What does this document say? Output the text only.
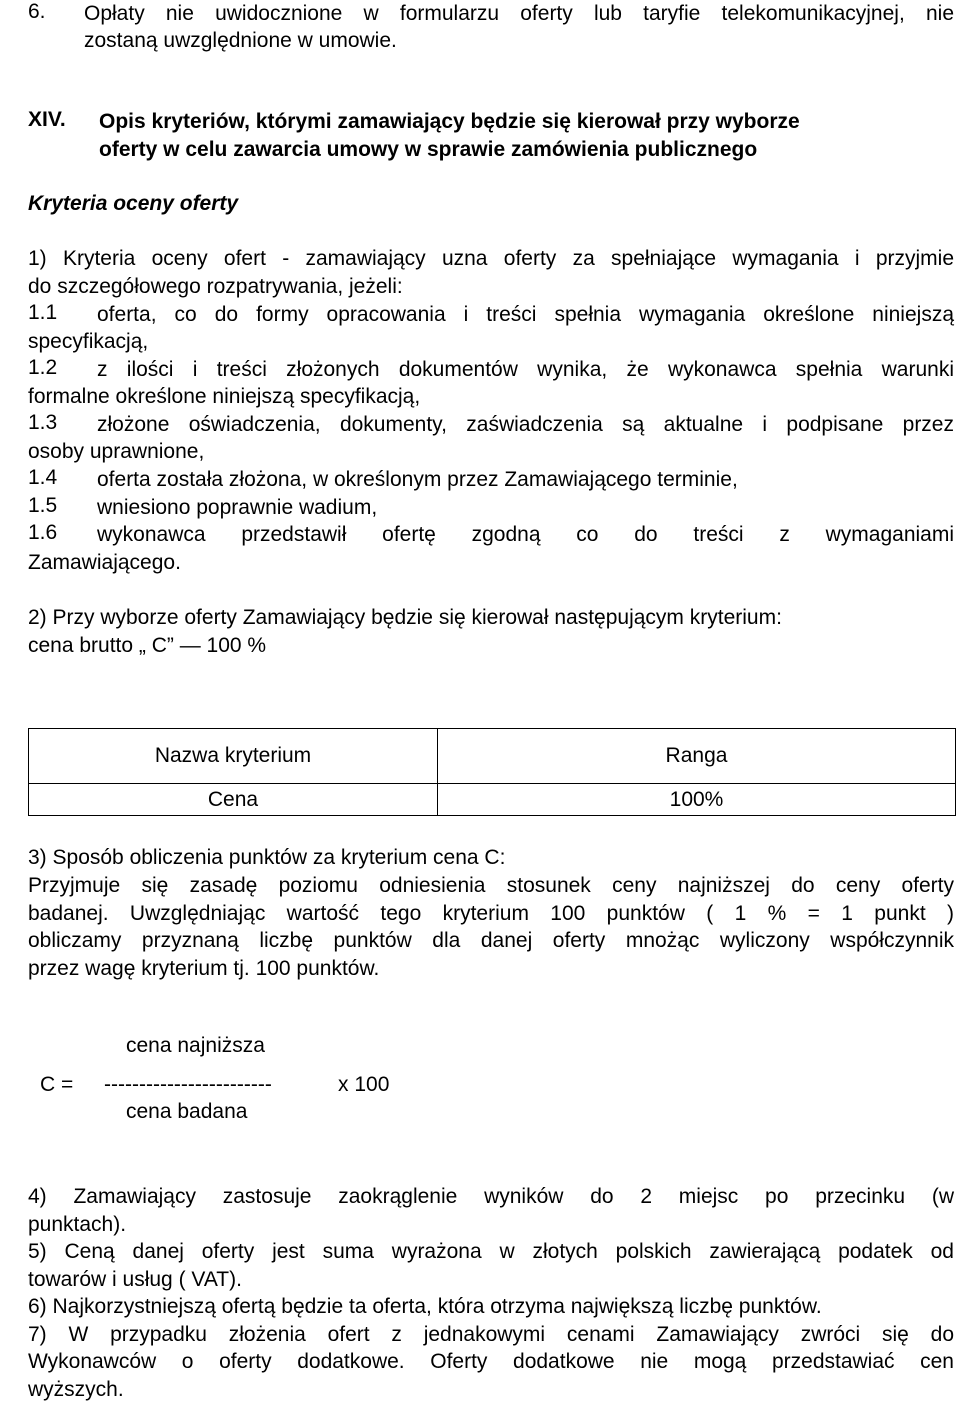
6. Opłaty nie uwidocznione w formularzu oferty lub taryfie telekomunikacyjnej, nie
zostaną uwzględnione w umowie.
XIV. Opis kryteriów, którymi zamawiający będzie się kierował przy wyborze
oferty w celu zawarcia umowy w sprawie zamówienia publicznego
Kryteria oceny oferty
1) Kryteria oceny ofert - zamawiający uzna oferty za spełniające wymagania i przyjmie
do szczegółowego rozpatrywania, jeżeli:
1.1 oferta, co do formy opracowania i treści spełnia wymagania określone niniejszą
specyfikacją,
1.2 z ilości i treści złożonych dokumentów wynika, że wykonawca spełnia warunki
formalne określone niniejszą specyfikacją,
1.3 złożone oświadczenia, dokumenty, zaświadczenia są aktualne i podpisane przez
osoby uprawnione,
1.4 oferta została złożona, w określonym przez Zamawiającego terminie,
1.5 wniesiono poprawnie wadium,
1.6 wykonawca przedstawił ofertę zgodną co do treści z wymaganiami
Zamawiającego.
2) Przy wyborze oferty Zamawiający będzie się kierował następującym kryterium:
cena brutto „ C” — 100 %
Nazwa kryterium	Ranga
Cena	100%
3) Sposób obliczenia punktów za kryterium cena C:
Przyjmuje się zasadę poziomu odniesienia stosunek ceny najniższej do ceny oferty
badanej. Uwzględniając wartość tego kryterium 100 punktów ( 1 % = 1 punkt )
obliczamy przyznaną liczbę punktów dla danej oferty mnożąc wyliczony współczynnik
przez wagę kryterium tj. 100 punktów.
cena najniższa
C = ------------------------	x 100
cena badana
4) Zamawiający zastosuje zaokrąglenie wyników do 2 miejsc po przecinku (w
punktach).
5) Ceną danej oferty jest suma wyrażona w złotych polskich zawierającą podatek od
towarów i usług ( VAT).
6) Najkorzystniejszą ofertą będzie ta oferta, która otrzyma największą liczbę punktów.
7) W przypadku złożenia ofert z jednakowymi cenami Zamawiający zwróci się do
Wykonawców o oferty dodatkowe. Oferty dodatkowe nie mogą przedstawiać cen
wyższych.
